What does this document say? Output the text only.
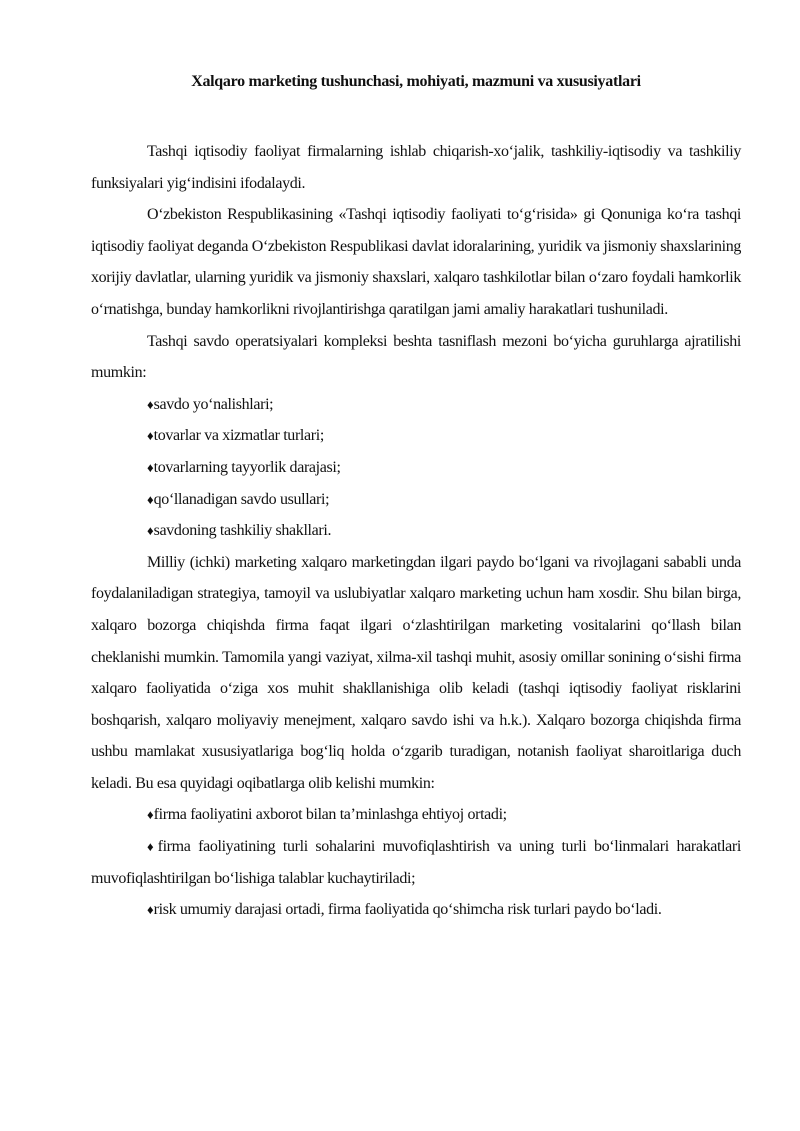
Xalqaro marketing tushunchasi, mohiyati, mazmuni va xususiyatlari

Tashqi iqtisodiy faoliyat firmalarning ishlab chiqarish-xo‘jalik, tashkiliy-iqtisodiy va tashkiliy funksiyalari yig‘indisini ifodalaydi.

O‘zbekiston Respublikasining «Tashqi iqtisodiy faoliyati to‘g‘risida» gi Qonuniga ko‘ra tashqi iqtisodiy faoliyat deganda O‘zbekiston Respublikasi davlat idoralarining, yuridik va jismoniy shaxslarining xorijiy davlatlar, ularning yuridik va jismoniy shaxslari, xalqaro tashkilotlar bilan o‘zaro foydali hamkorlik o‘rnatishga, bunday hamkorlikni rivojlantirishga qaratilgan jami amaliy harakatlari tushuniladi.

Tashqi savdo operatsiyalari kompleksi beshta tasniflash mezoni bo‘yicha guruhlarga ajratilishi mumkin:

♦savdo yo‘nalishlari;

♦tovarlar va xizmatlar turlari;

♦tovarlarning tayyorlik darajasi;

♦qo‘llanadigan savdo usullari;

♦savdoning tashkiliy shakllari.

Milliy (ichki) marketing xalqaro marketingdan ilgari paydo bo‘lgani va rivojlagani sababli unda foydalaniladigan strategiya, tamoyil va uslubiyatlar xalqaro marketing uchun ham xosdir. Shu bilan birga, xalqaro bozorga chiqishda firma faqat ilgari o‘zlashtirilgan marketing vositalarini qo‘llash bilan cheklanishi mumkin. Tamomila yangi vaziyat, xilma-xil tashqi muhit, asosiy omillar sonining o‘sishi firma xalqaro faoliyatida o‘ziga xos muhit shakllanishiga olib keladi (tashqi iqtisodiy faoliyat risklarini boshqarish, xalqaro moliyaviy menejment, xalqaro savdo ishi va h.k.). Xalqaro bozorga chiqishda firma ushbu mamlakat xususiyatlariga bog‘liq holda o‘zgarib turadigan, notanish faoliyat sharoitlariga duch keladi. Bu esa quyidagi oqibatlarga olib kelishi mumkin:

♦firma faoliyatini axborot bilan ta’minlashga ehtiyoj ortadi;

♦firma faoliyatining turli sohalarini muvofiqlashtirish va uning turli bo‘linmalari harakatlari muvofiqlashtirilgan bo‘lishiga talablar kuchaytiriladi;

♦risk umumiy darajasi ortadi, firma faoliyatida qo‘shimcha risk turlari paydo bo‘ladi.
